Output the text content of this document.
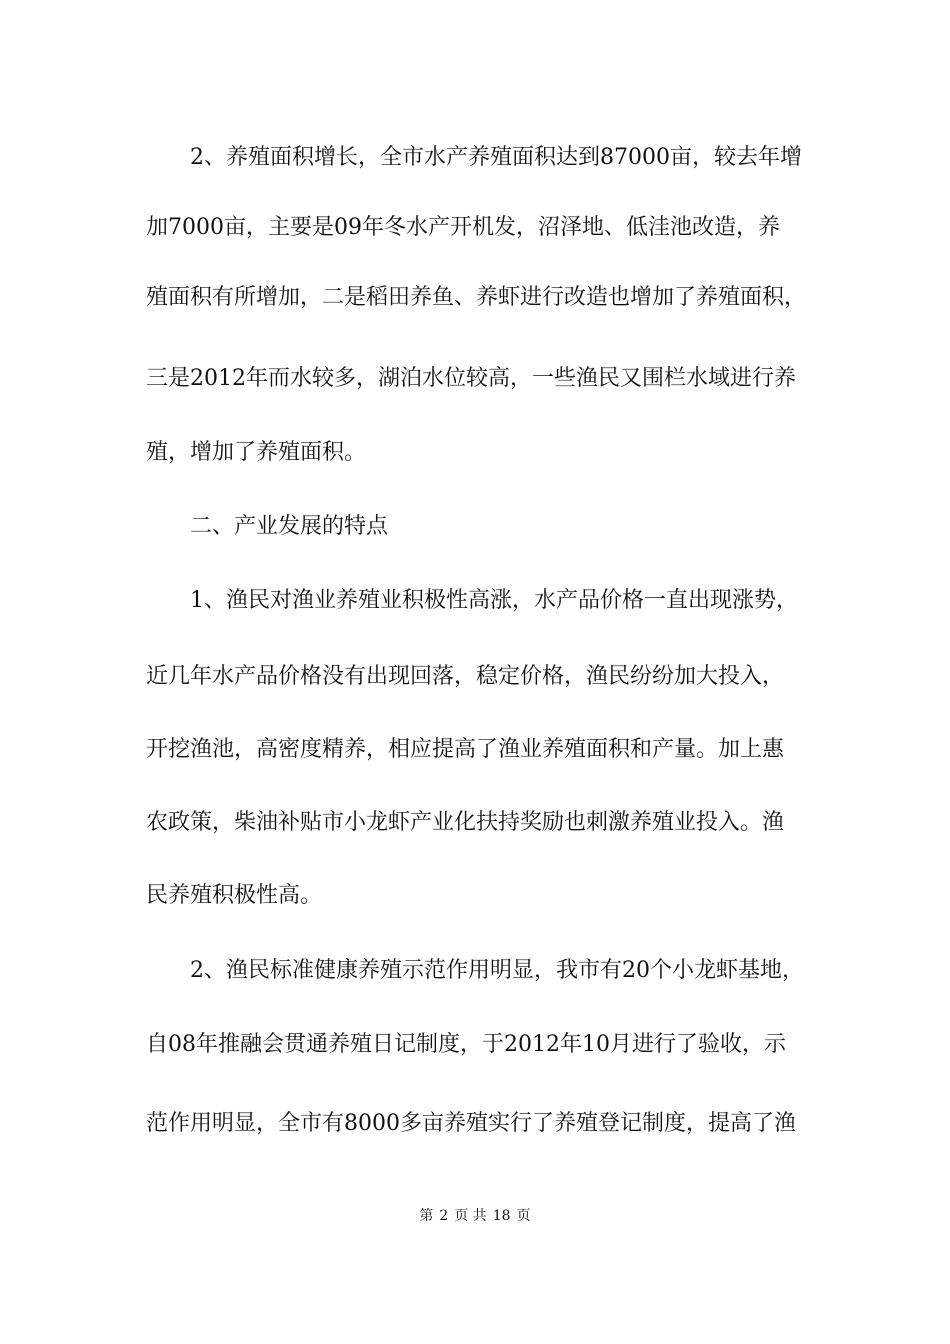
2、养殖面积增长，全市水产养殖面积达到87000亩，较去年增
加7000亩，主要是09年冬水产开机发，沼泽地、低洼池改造，养
殖面积有所增加，二是稻田养鱼、养虾进行改造也增加了养殖面积，
三是2012年而水较多，湖泊水位较高，一些渔民又围栏水域进行养
殖，增加了养殖面积。
二、产业发展的特点
1、渔民对渔业养殖业积极性高涨，水产品价格一直出现涨势，
近几年水产品价格没有出现回落，稳定价格，渔民纷纷加大投入，
开挖渔池，高密度精养，相应提高了渔业养殖面积和产量。加上惠
农政策，柴油补贴市小龙虾产业化扶持奖励也刺激养殖业投入。渔
民养殖积极性高。
2、渔民标准健康养殖示范作用明显，我市有20个小龙虾基地，
自08年推融会贯通养殖日记制度，于2012年10月进行了验收，示
范作用明显，全市有8000多亩养殖实行了养殖登记制度，提高了渔
第 2 页 共 18 页
